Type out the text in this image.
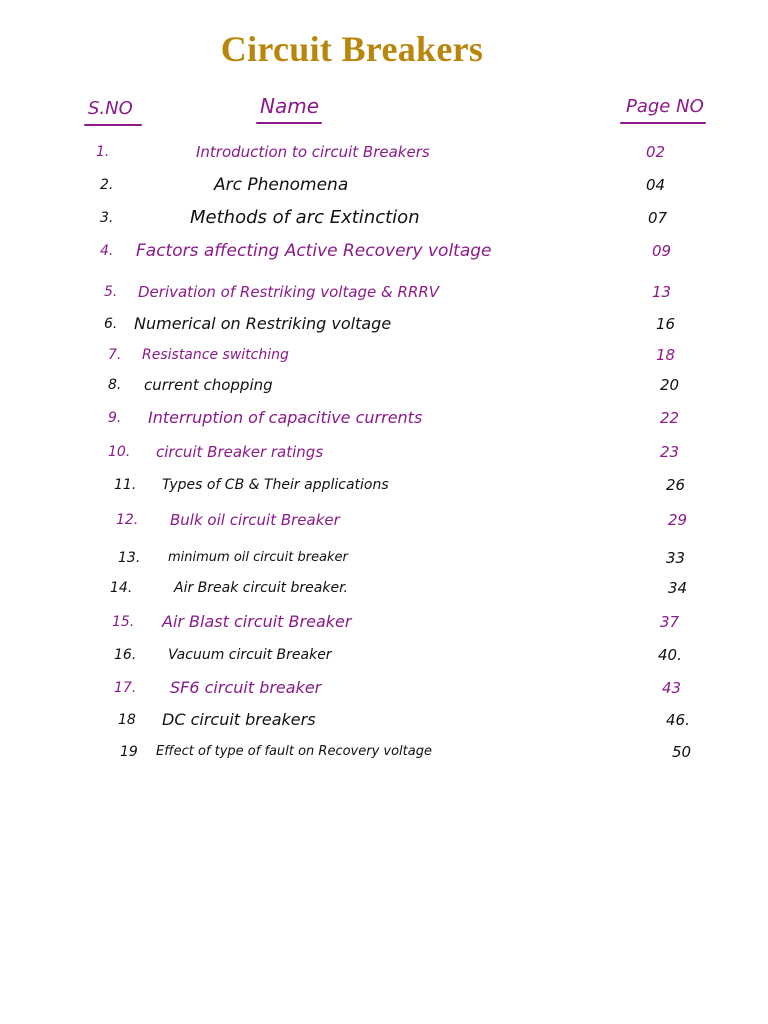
Circuit Breakers
S.NO	Name	Page NO
1.	Introduction to circuit Breakers	02
2.	Arc Phenomena	04
3.	Methods of arc Extinction	07
4. Factors affecting Active Recovery voltage	09
5. Derivation of Restriking voltage & RRRV	13
6. Numerical on Restriking voltage	16
7. Resistance switching	18
8. current chopping	20
9. Interruption of capacitive currents	22
10. circuit Breaker ratings	23
11. Types of CB & Their applications	26
12. Bulk oil circuit Breaker	29
13. minimum oil circuit breaker	33
14.	Air Break circuit breaker.	34
15. Air Blast circuit Breaker	37
16. Vacuum circuit Breaker	40.
17. SF6 circuit breaker	43
18 DC circuit breakers	46.
19 Effect of type of fault on Recovery voltage	50
